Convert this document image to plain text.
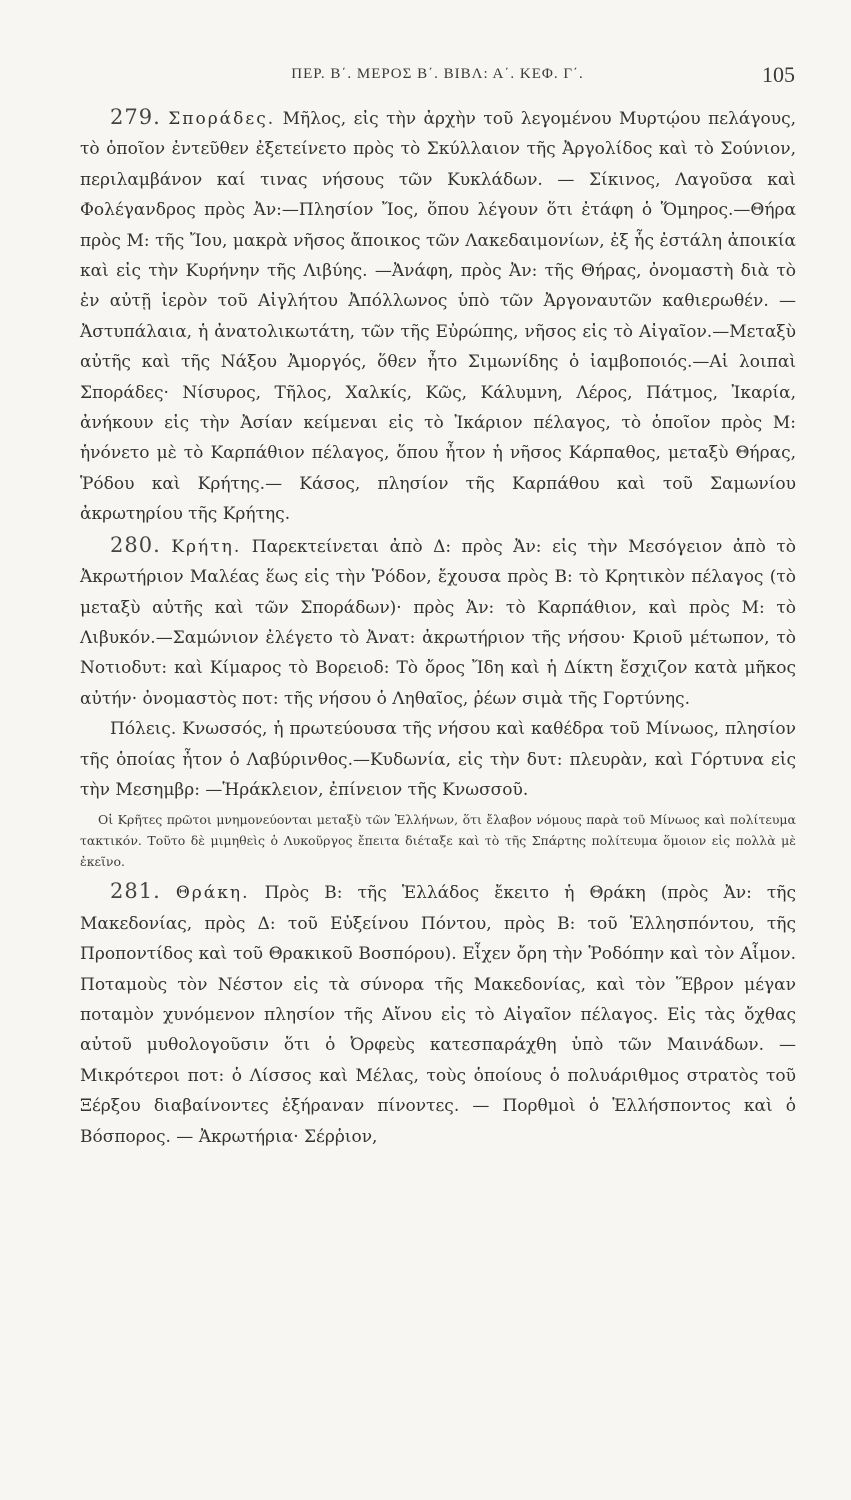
ΠΕΡ. Β΄. ΜΕΡΟΣ Β΄. ΒΙΒΛ: Α΄. ΚΕΦ. Γ΄.	105

279. Σποράδες. Μῆλος, εἰς τὴν ἀρχὴν τοῦ λεγομένου Μυρτῴου πελάγους, τὸ ὁποῖον ἐντεῦθεν ἐξετείνετο πρὸς τὸ Σκύλλαιον τῆς Ἀργολίδος καὶ τὸ Σούνιον, περιλαμβάνον καί τινας νήσους τῶν Κυκλάδων. — Σίκινος, Λαγοῦσα καὶ Φολέγανδρος πρὸς Ἀν:—Πλησίον Ἴος, ὅπου λέγουν ὅτι ἐτάφη ὁ Ὅμηρος.—Θήρα πρὸς Μ: τῆς Ἴου, μακρὰ νῆσος ἄποικος τῶν Λακεδαιμονίων, ἐξ ἧς ἐστάλη ἀποικία καὶ εἰς τὴν Κυρήνην τῆς Λιβύης. —Ἀνάφη, πρὸς Ἀν: τῆς Θήρας, ὀνομαστὴ διὰ τὸ ἐν αὐτῇ ἱερὸν τοῦ Αἰγλήτου Ἀπόλλωνος ὑπὸ τῶν Ἀργοναυτῶν καθιερωθέν. — Ἀστυπάλαια, ἡ ἀνατολικωτάτη, τῶν τῆς Εὐρώπης, νῆσος εἰς τὸ Αἰγαῖον.—Μεταξὺ αὐτῆς καὶ τῆς Νάξου Ἀμοργός, ὅθεν ἦτο Σιμωνίδης ὁ ἰαμβοποιός.—Αἱ λοιπαὶ Σποράδες· Νίσυρος, Τῆλος, Χαλκίς, Κῶς, Κάλυμνη, Λέρος, Πάτμος, Ἰκαρία, ἀνήκουν εἰς τὴν Ἀσίαν κείμεναι εἰς τὸ Ἰκάριον πέλαγος, τὸ ὁποῖον πρὸς Μ: ἡνόνετο μὲ τὸ Καρπάθιον πέλαγος, ὅπου ἦτον ἡ νῆσος Κάρπαθος, μεταξὺ Θήρας, Ῥόδου καὶ Κρήτης.— Κάσος, πλησίον τῆς Καρπάθου καὶ τοῦ Σαμωνίου ἀκρωτηρίου τῆς Κρήτης.

280. Κρήτη. Παρεκτείνεται ἀπὸ Δ: πρὸς Ἀν: εἰς τὴν Μεσόγειον ἀπὸ τὸ Ἀκρωτήριον Μαλέας ἕως εἰς τὴν Ῥόδον, ἔχουσα πρὸς Β: τὸ Κρητικὸν πέλαγος (τὸ μεταξὺ αὐτῆς καὶ τῶν Σποράδων)· πρὸς Ἀν: τὸ Καρπάθιον, καὶ πρὸς Μ: τὸ Λιβυκόν.—Σαμώνιον ἐλέγετο τὸ Ἀνατ: ἀκρωτήριον τῆς νήσου· Κριοῦ μέτωπον, τὸ Νοτιοδυτ: καὶ Κίμαρος τὸ Βορειοδ: Τὸ ὄρος Ἴδη καὶ ἡ Δίκτη ἔσχιζον κατὰ μῆκος αὐτήν· ὀνομαστὸς ποτ: τῆς νήσου ὁ Ληθαῖος, ῥέων σιμὰ τῆς Γορτύνης.

Πόλεις. Κνωσσός, ἡ πρωτεύουσα τῆς νήσου καὶ καθέδρα τοῦ Μίνωος, πλησίον τῆς ὁποίας ἦτον ὁ Λαβύρινθος.—Κυδωνία, εἰς τὴν δυτ: πλευρὰν, καὶ Γόρτυνα εἰς τὴν Μεσημβρ: —Ἡράκλειον, ἐπίνειον τῆς Κνωσσοῦ.

Οἱ Κρῆτες πρῶτοι μνημονεύονται μεταξὺ τῶν Ἑλλήνων, ὅτι ἔλαβον νόμους παρὰ τοῦ Μίνωος καὶ πολίτευμα τακτικόν. Τοῦτο δὲ μιμηθεὶς ὁ Λυκοῦργος ἔπειτα διέταξε καὶ τὸ τῆς Σπάρτης πολίτευμα ὅμοιον εἰς πολλὰ μὲ ἐκεῖνο.

281. Θράκη. Πρὸς Β: τῆς Ἑλλάδος ἔκειτο ἡ Θράκη (πρὸς Ἀν: τῆς Μακεδονίας, πρὸς Δ: τοῦ Εὐξείνου Πόντου, πρὸς Β: τοῦ Ἑλλησπόντου, τῆς Προποντίδος καὶ τοῦ Θρακικοῦ Βοσπόρου). Εἶχεν ὄρη τὴν Ῥοδόπην καὶ τὸν Αἷμον. Ποταμοὺς τὸν Νέστον εἰς τὰ σύνορα τῆς Μακεδονίας, καὶ τὸν Ἕβρον μέγαν ποταμὸν χυνόμενον πλησίον τῆς Αἴνου εἰς τὸ Αἰγαῖον πέλαγος. Εἰς τὰς ὄχθας αὐτοῦ μυθολογοῦσιν ὅτι ὁ Ὀρφεὺς κατεσπαράχθη ὑπὸ τῶν Μαινάδων. — Μικρότεροι ποτ: ὁ Λίσσος καὶ Μέλας, τοὺς ὁποίους ὁ πολυάριθμος στρατὸς τοῦ Ξέρξου διαβαίνοντες ἐξήραναν πίνοντες. — Πορθμοὶ ὁ Ἑλλήσποντος καὶ ὁ Βόσπορος. — Ἀκρωτήρια· Σέρῥιον,
